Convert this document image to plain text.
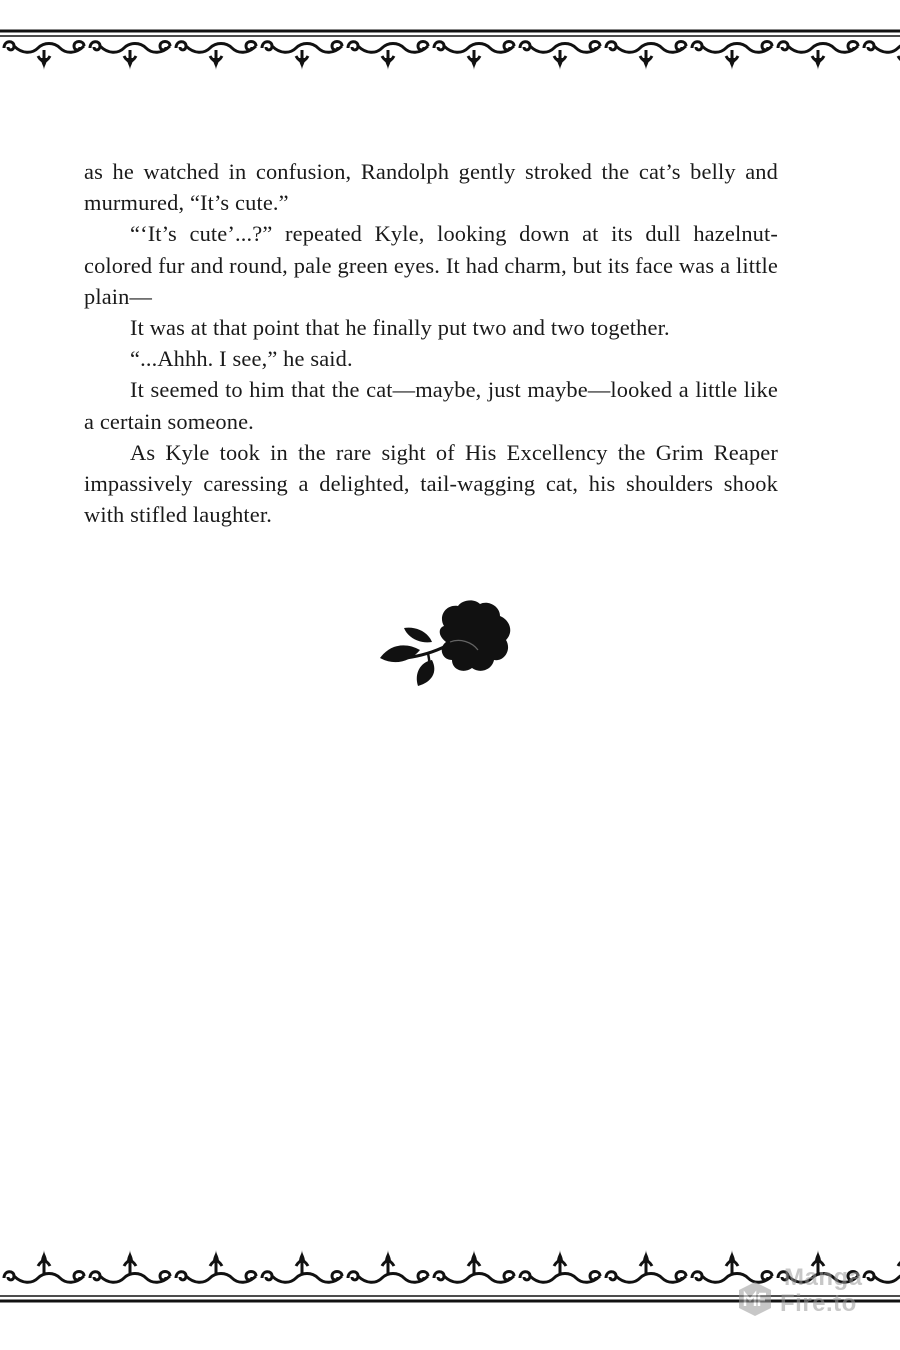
as he watched in confusion, Randolph gently stroked the cat’s belly and murmured, “It’s cute.”

“‘It’s cute’...?” repeated Kyle, looking down at its dull hazelnut-colored fur and round, pale green eyes. It had charm, but its face was a little plain—

It was at that point that he finally put two and two together.

“...Ahhh. I see,” he said.

It seemed to him that the cat—maybe, just maybe—looked a little like a certain someone.

As Kyle took in the rare sight of His Excellency the Grim Reaper impassively caressing a delighted, tail-wagging cat, his shoulders shook with stifled laughter.

Manga
Fire.to
